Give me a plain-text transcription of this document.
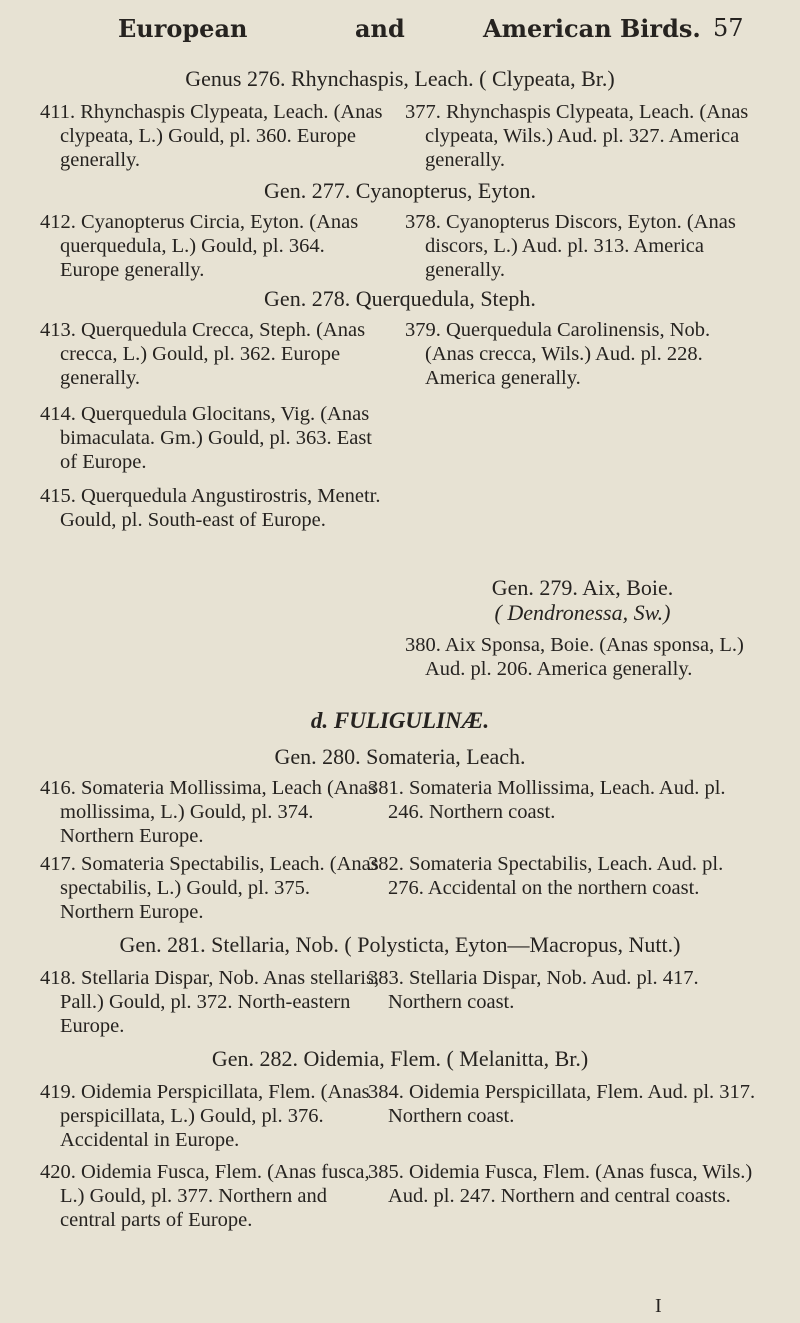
European	and	American Birds. 57
Genus 276. Rhynchaspis, Leach. ( Clypeata, Br.)
411. Rhynchaspis Clypeata, Leach. (Anas clypeata, L.) Gould, pl. 360. Europe generally.
377. Rhynchaspis Clypeata, Leach. (Anas clypeata, Wils.) Aud. pl. 327. America generally.
Gen. 277. Cyanopterus, Eyton.
412. Cyanopterus Circia, Eyton. (Anas querquedula, L.) Gould, pl. 364. Europe generally.
378. Cyanopterus Discors, Eyton. (Anas discors, L.) Aud. pl. 313. America generally.
Gen. 278. Querquedula, Steph.
413. Querquedula Crecca, Steph. (Anas crecca, L.) Gould, pl. 362. Europe generally.
379. Querquedula Carolinensis, Nob. (Anas crecca, Wils.) Aud. pl. 228. America generally.
414. Querquedula Glocitans, Vig. (Anas bimaculata. Gm.) Gould, pl. 363. East of Europe.
415. Querquedula Angustirostris, Menetr. Gould, pl. South-east of Europe.
Gen. 279. Aix, Boie.
( Dendronessa, Sw.)
380. Aix Sponsa, Boie. (Anas sponsa, L.) Aud. pl. 206. America generally.
d. FULIGULINÆ.
Gen. 280. Somateria, Leach.
416. Somateria Mollissima, Leach (Anas mollissima, L.) Gould, pl. 374. Northern Europe.
381. Somateria Mollissima, Leach. Aud. pl. 246. Northern coast.
417. Somateria Spectabilis, Leach. (Anas spectabilis, L.) Gould, pl. 375. Northern Europe.
382. Somateria Spectabilis, Leach. Aud. pl. 276. Accidental on the northern coast.
Gen. 281. Stellaria, Nob. ( Polysticta, Eyton—Macropus, Nutt.)
418. Stellaria Dispar, Nob. Anas stellaris, Pall.) Gould, pl. 372. North-eastern Europe.
383. Stellaria Dispar, Nob. Aud. pl. 417. Northern coast.
Gen. 282. Oidemia, Flem. ( Melanitta, Br.)
419. Oidemia Perspicillata, Flem. (Anas perspicillata, L.) Gould, pl. 376. Accidental in Europe.
384. Oidemia Perspicillata, Flem. Aud. pl. 317. Northern coast.
420. Oidemia Fusca, Flem. (Anas fusca, L.) Gould, pl. 377. Northern and central parts of Europe.
385. Oidemia Fusca, Flem. (Anas fusca, Wils.) Aud. pl. 247. Northern and central coasts.
I
